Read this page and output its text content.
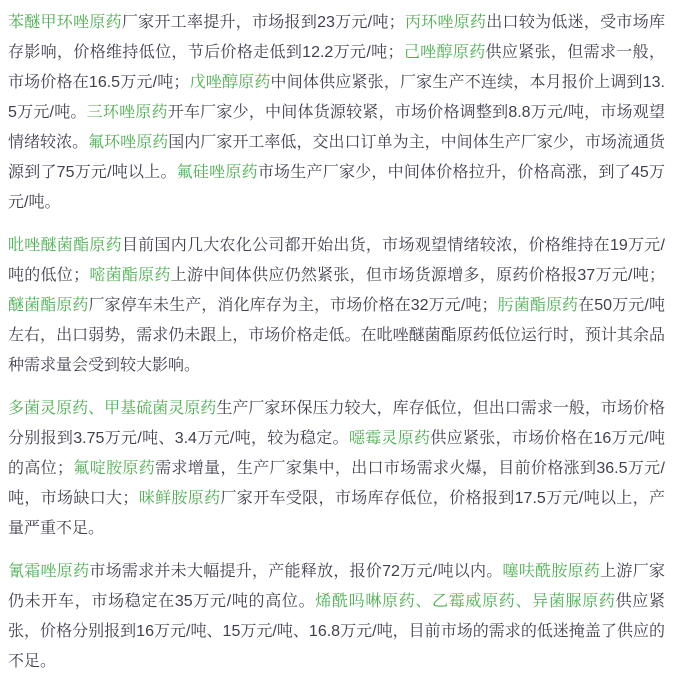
苯醚甲环唑原药厂家开工率提升，市场报到23万元/吨；丙环唑原药出口较为低迷，受市场库存影响，价格维持低位，节后价格走低到12.2万元/吨；己唑醇原药供应紧张，但需求一般，市场价格在16.5万元/吨；戊唑醇原药中间体供应紧张，厂家生产不连续，本月报价上调到13.5万元/吨。三环唑原药开车厂家少，中间体货源较紧，市场价格调整到8.8万元/吨，市场观望情绪较浓。氟环唑原药国内厂家开工率低，交出口订单为主，中间体生产厂家少，市场流通货源到了75万元/吨以上。氟硅唑原药市场生产厂家少，中间体价格拉升，价格高涨，到了45万元/吨。

吡唑醚菌酯原药目前国内几大农化公司都开始出货，市场观望情绪较浓，价格维持在19万元/吨的低位；嘧菌酯原药上游中间体供应仍然紧张，但市场货源增多，原药价格报37万元/吨；醚菌酯原药厂家停车未生产，消化库存为主，市场价格在32万元/吨；肟菌酯原药在50万元/吨左右，出口弱势，需求仍未跟上，市场价格走低。在吡唑醚菌酯原药低位运行时，预计其余品种需求量会受到较大影响。

多菌灵原药、甲基硫菌灵原药生产厂家环保压力较大，库存低位，但出口需求一般，市场价格分别报到3.75万元/吨、3.4万元/吨，较为稳定。噁霉灵原药供应紧张，市场价格在16万元/吨的高位；氟啶胺原药需求增量，生产厂家集中，出口市场需求火爆，目前价格涨到36.5万元/吨，市场缺口大；咪鲜胺原药厂家开车受限，市场库存低位，价格报到17.5万元/吨以上，产量严重不足。

氰霜唑原药市场需求并未大幅提升，产能释放，报价72万元/吨以内。噻呋酰胺原药上游厂家仍未开车，市场稳定在35万元/吨的高位。烯酰吗啉原药、乙霉威原药、异菌脲原药供应紧张，价格分别报到16万元/吨、15万元/吨、16.8万元/吨，目前市场的需求的低迷掩盖了供应的不足。
